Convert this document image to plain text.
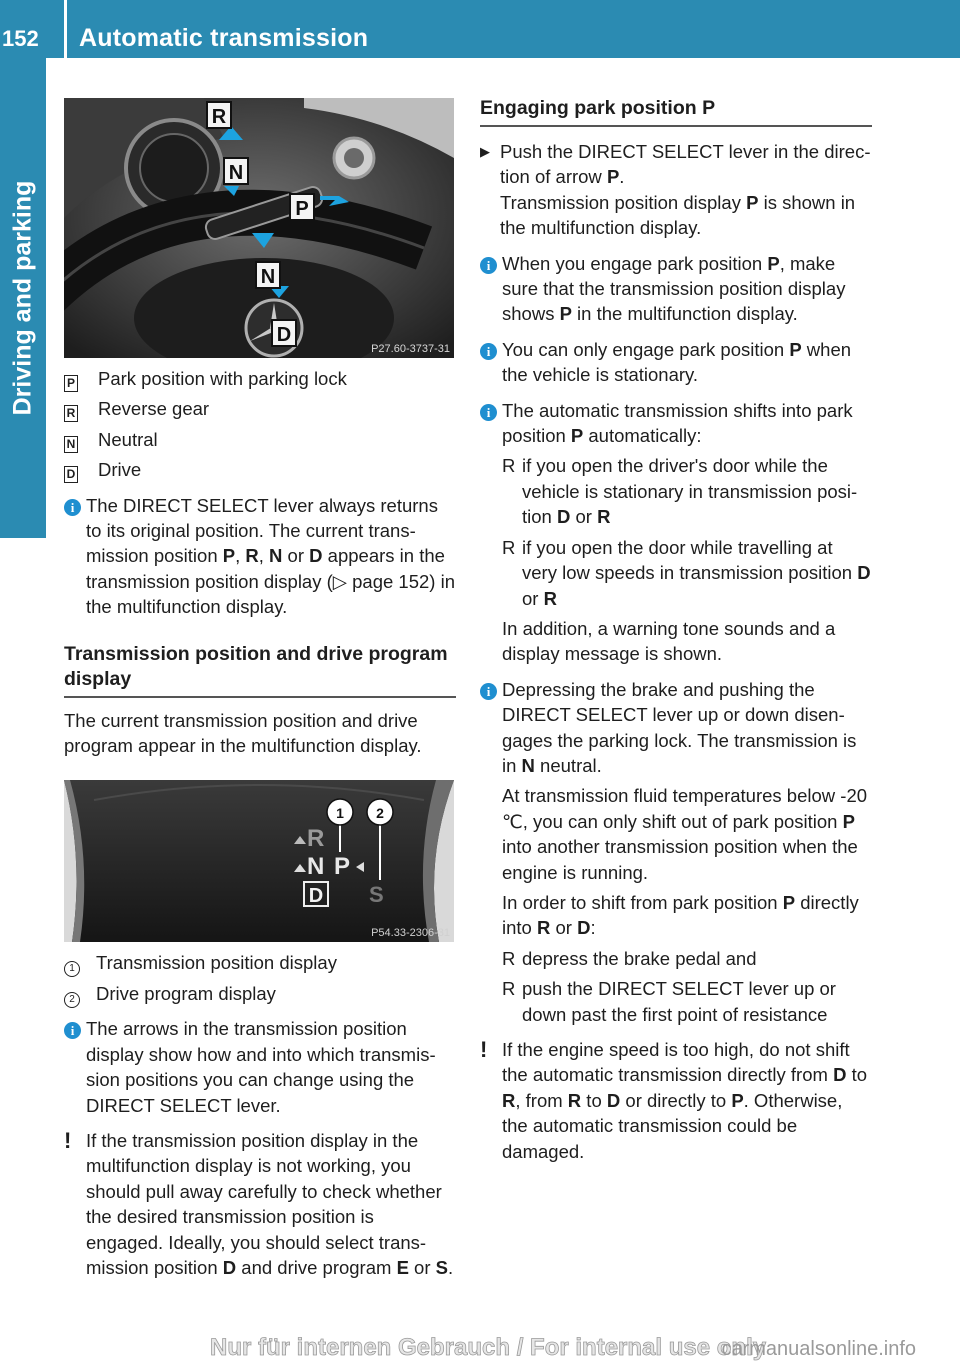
152	Automatic transmission
Driving and parking
R
N
P
N
D
P27.60-3737-31
P Park position with parking lock
R Reverse gear
N Neutral
D Drive
i The DIRECT SELECT lever always returns to its original position. The current transmission position P, R, N or D appears in the transmission position display (▷ page 152) in the multifunction display.
Transmission position and drive program display
The current transmission position and drive program appear in the multifunction display.
R
N P
D S
1 2
P54.33-2306-31
1 Transmission position display
2 Drive program display
i The arrows in the transmission position display show how and into which transmission positions you can change using the DIRECT SELECT lever.
! If the transmission position display in the multifunction display is not working, you should pull away carefully to check whether the desired transmission position is engaged. Ideally, you should select transmission position D and drive program E or S.
Engaging park position P
▶ Push the DIRECT SELECT lever in the direction of arrow P.
Transmission position display P is shown in the multifunction display.
i When you engage park position P, make sure that the transmission position display shows P in the multifunction display.
i You can only engage park position P when the vehicle is stationary.
i The automatic transmission shifts into park position P automatically:
R if you open the driver's door while the vehicle is stationary in transmission position D or R
R if you open the door while travelling at very low speeds in transmission position D or R
In addition, a warning tone sounds and a display message is shown.
i Depressing the brake and pushing the DIRECT SELECT lever up or down disengages the parking lock. The transmission is in N neutral.
At transmission fluid temperatures below -20 ℃, you can only shift out of park position P into another transmission position when the engine is running.
In order to shift from park position P directly into R or D:
R depress the brake pedal and
R push the DIRECT SELECT lever up or down past the first point of resistance
! If the engine speed is too high, do not shift the automatic transmission directly from D to R, from R to D or directly to P. Otherwise, the automatic transmission could be damaged.
Nur für internen Gebrauch / For internal use only
carmanualsonline.info
